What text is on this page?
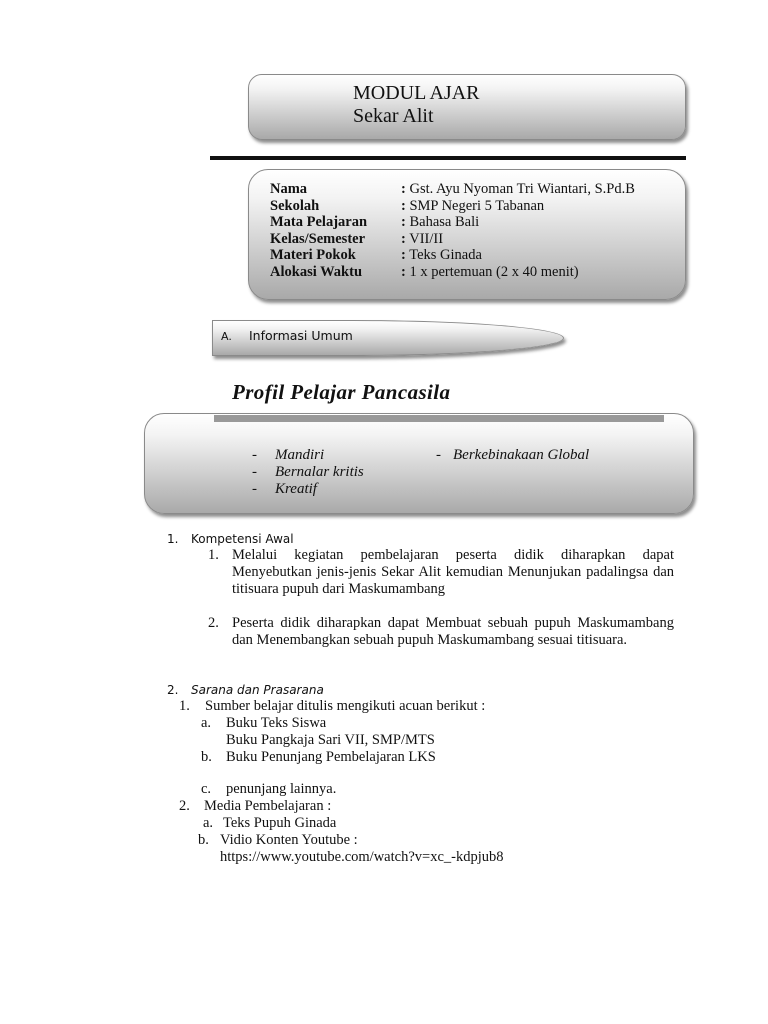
MODUL AJAR
Sekar Alit
Nama	: Gst. Ayu Nyoman Tri Wiantari, S.Pd.B
Sekolah	: SMP Negeri 5 Tabanan
Mata Pelajaran : Bahasa Bali
Kelas/Semester : VII/II
Materi Pokok	: Teks Ginada
Alokasi Waktu	: 1 x pertemuan (2 x 40 menit)
A. Informasi Umum
Profil Pelajar Pancasila
- Mandiri
- Bernalar kritis
- Kreatif
- Berkebinakaan Global
1. Kompetensi Awal
1. Melalui kegiatan pembelajaran peserta didik diharapkan dapat Menyebutkan jenis-jenis Sekar Alit kemudian Menunjukan padalingsa dan titisuara pupuh dari Maskumambang
2. Peserta didik diharapkan dapat Membuat sebuah pupuh Maskumambang dan Menembangkan sebuah pupuh Maskumambang sesuai titisuara.
2. Sarana dan Prasarana
1. Sumber belajar ditulis mengikuti acuan berikut :
a. Buku Teks Siswa
Buku Pangkaja Sari VII, SMP/MTS
b. Buku Penunjang Pembelajaran LKS
c. penunjang lainnya.
2. Media Pembelajaran :
a. Teks Pupuh Ginada
b. Vidio Konten Youtube :
https://www.youtube.com/watch?v=xc_-kdpjub8
